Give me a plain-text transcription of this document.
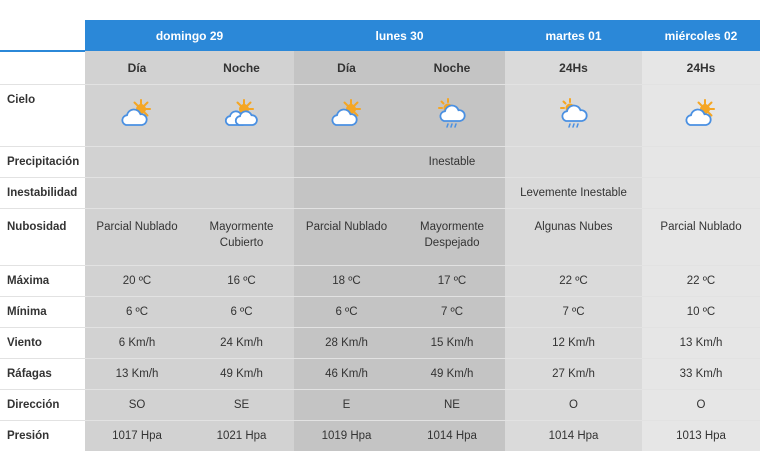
	domingo 29		lunes 30		martes 01	miércoles 02
	Día	Noche	Día	Noche	24Hs	24Hs
Cielo						
Precipitación				Inestable		
Inestabilidad					Levemente Inestable	
Nubosidad	Parcial Nublado	Mayormente Cubierto	Parcial Nublado	Mayormente Despejado	Algunas Nubes	Parcial Nublado
Máxima	20 ºC	16 ºC	18 ºC	17 ºC	22 ºC	22 ºC
Mínima	6 ºC	6 ºC	6 ºC	7 ºC	7 ºC	10 ºC
Viento	6 Km/h	24 Km/h	28 Km/h	15 Km/h	12 Km/h	13 Km/h
Ráfagas	13 Km/h	49 Km/h	46 Km/h	49 Km/h	27 Km/h	33 Km/h
Dirección	SO	SE	E	NE	O	O
Presión	1017 Hpa	1021 Hpa	1019 Hpa	1014 Hpa	1014 Hpa	1013 Hpa
